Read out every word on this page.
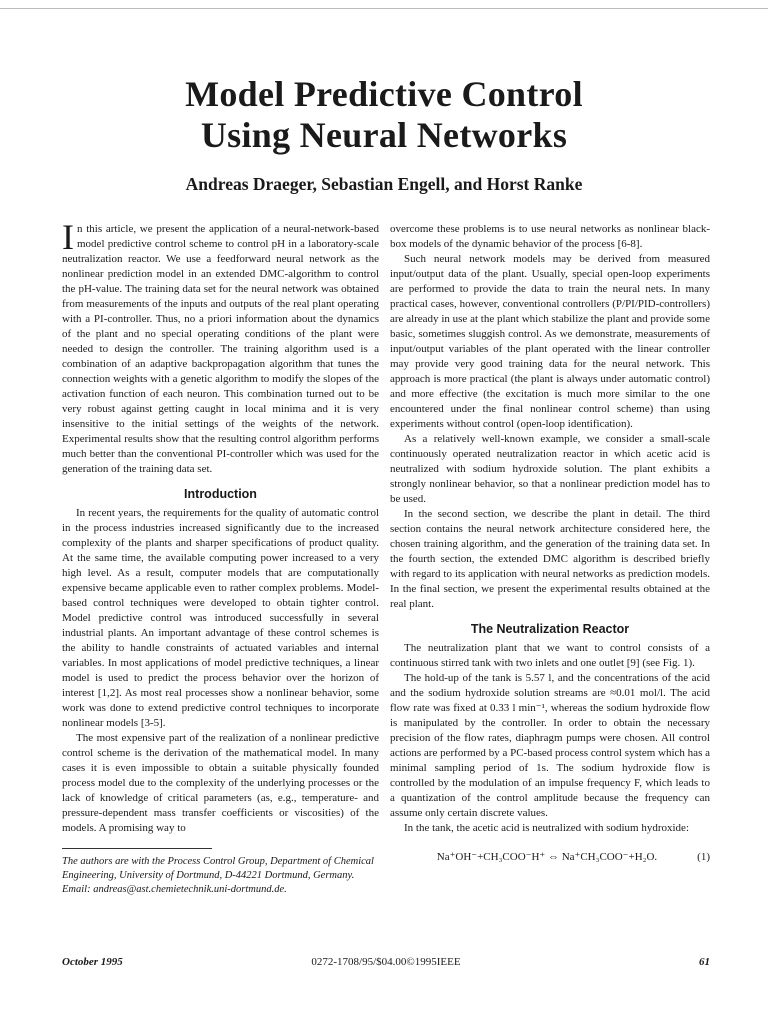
Model Predictive Control
Using Neural Networks
Andreas Draeger, Sebastian Engell, and Horst Ranke

In this article, we present the application of a neural-network-based model predictive control scheme to control pH in a laboratory-scale neutralization reactor. We use a feedforward neural network as the nonlinear prediction model in an extended DMC-algorithm to control the pH-value. The training data set for the neural network was obtained from measurements of the inputs and outputs of the real plant operating with a PI-controller. Thus, no a priori information about the dynamics of the plant and no special operating conditions of the plant were needed to design the controller. The training algorithm used is a combination of an adaptive backpropagation algorithm that tunes the connection weights with a genetic algorithm to modify the slopes of the activation function of each neuron. This combination turned out to be very robust against getting caught in local minima and it is very insensitive to the initial settings of the weights of the network. Experimental results show that the resulting control algorithm performs much better than the conventional PI-controller which was used for the generation of the training data set.

Introduction

In recent years, the requirements for the quality of automatic control in the process industries increased significantly due to the increased complexity of the plants and sharper specifications of product quality. At the same time, the available computing power increased to a very high level. As a result, computer models that are computationally expensive became applicable even to rather complex problems. Model-based control techniques were developed to obtain tighter control. Model predictive control was introduced successfully in several industrial plants. An important advantage of these control schemes is the ability to handle constraints of actuated variables and internal variables. In most applications of model predictive techniques, a linear model is used to predict the process behavior over the horizon of interest [1,2]. As most real processes show a nonlinear behavior, some work was done to extend predictive control techniques to incorporate nonlinear models [3-5].

The most expensive part of the realization of a nonlinear predictive control scheme is the derivation of the mathematical model. In many cases it is even impossible to obtain a suitable physically founded process model due to the complexity of the underlying processes or the lack of knowledge of critical parameters (as, e.g., temperature- and pressure-dependent mass transfer coefficients or viscosities) of the models. A promising way to

The authors are with the Process Control Group, Department of Chemical Engineering, University of Dortmund, D-44221 Dortmund, Germany. Email: andreas@ast.chemietechnik.uni-dortmund.de.

overcome these problems is to use neural networks as nonlinear black-box models of the dynamic behavior of the process [6-8].

Such neural network models may be derived from measured input/output data of the plant. Usually, special open-loop experiments are performed to provide the data to train the neural nets. In many practical cases, however, conventional controllers (P/PI/PID-controllers) are already in use at the plant which stabilize the plant and provide some basic, sometimes sluggish control. As we demonstrate, measurements of input/output variables of the plant operated with the linear controller may provide very good training data for the neural network. This approach is more practical (the plant is always under automatic control) and more effective (the excitation is much more similar to the one encountered under the final nonlinear control scheme) than using experiments without control (open-loop identification).

As a relatively well-known example, we consider a small-scale continuously operated neutralization reactor in which acetic acid is neutralized with sodium hydroxide solution. The plant exhibits a strongly nonlinear behavior, so that a nonlinear prediction model has to be used.

In the second section, we describe the plant in detail. The third section contains the neural network architecture considered here, the chosen training algorithm, and the generation of the training data set. In the fourth section, the extended DMC algorithm is described briefly with regard to its application with neural networks as prediction models. In the final section, we present the experimental results obtained at the real plant.

The Neutralization Reactor

The neutralization plant that we want to control consists of a continuous stirred tank with two inlets and one outlet [9] (see Fig. 1).

The hold-up of the tank is 5.57 l, and the concentrations of the acid and the sodium hydroxide solution streams are ≈0.01 mol/l. The acid flow rate was fixed at 0.33 l min⁻¹, whereas the sodium hydroxide flow is manipulated by the controller. In order to obtain the necessary precision of the flow rates, diaphragm pumps were chosen. All control actions are performed by a PC-based process control system which has a minimal sampling period of 1s. The sodium hydroxide flow is controlled by the modulation of an impulse frequency F, which leads to a quantization of the control amplitude because the frequency can assume only certain discrete values.

In the tank, the acetic acid is neutralized with sodium hydroxide:

Na⁺OH⁻+CH₃COO⁻H⁺ ⇔ Na⁺CH₃COO⁻+H₂O.	(1)
October 1995	0272-1708/95/$04.00©1995IEEE	61
